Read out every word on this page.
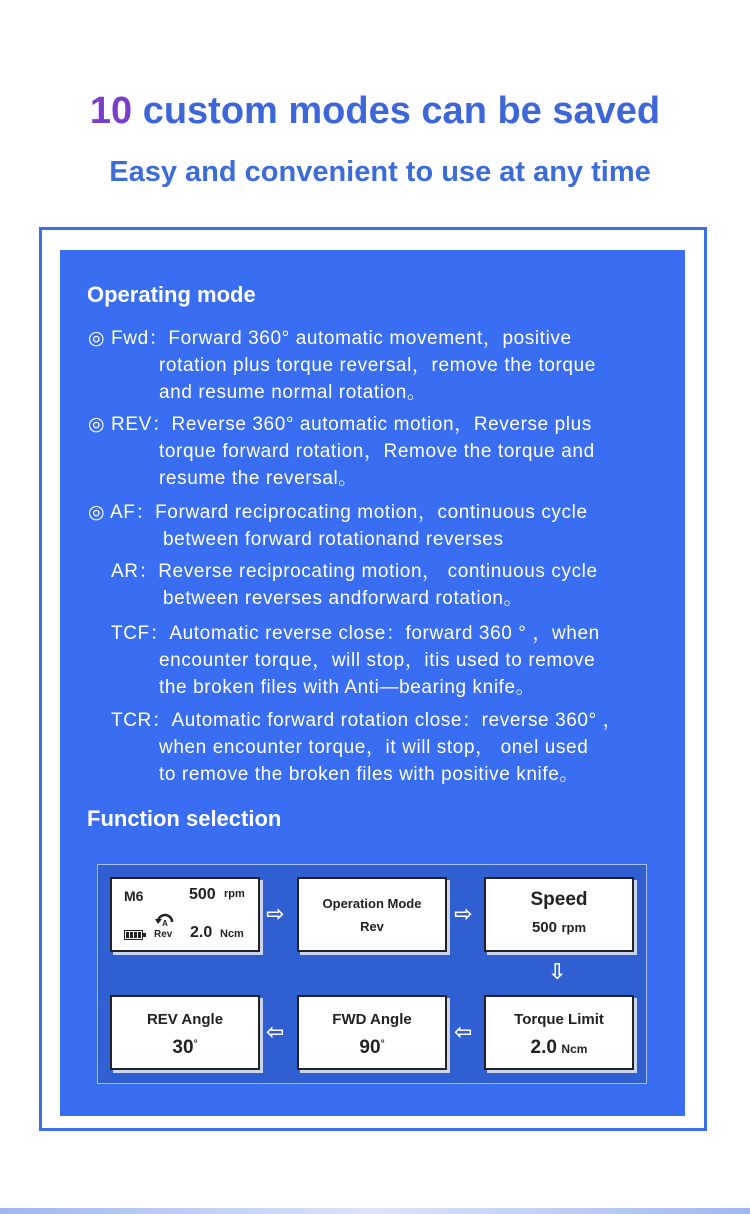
10 custom modes can be saved
Easy and convenient to use at any time
Operating mode
◎ Fwd：Forward 360° automatic movement，positive
rotation plus torque reversal，remove the torque
and resume normal rotation。
◎ REV：Reverse 360° automatic motion，Reverse plus
torque forward rotation，Remove the torque and
resume the reversal。
◎ AF：Forward reciprocating motion，continuous cycle
between forward rotationand reverses
AR：Reverse reciprocating motion， continuous cycle
between reverses andforward rotation。
TCF：Automatic reverse close：forward 360 ° ，when
encounter torque，will stop，itis used to remove
the broken files with Anti—bearing knife。
TCR：Automatic forward rotation close：reverse 360° ，
when encounter torque，it will stop， onel used
to remove the broken files with positive knife。
Function selection
M6	500 rpm
A
Rev 2.0 Ncm
⇨	Operation Mode
Rev
⇨
Speed
500 rpm
⇩
REV Angle
30°
⇦	FWD Angle
90°
⇦	Torque Limit
2.0 Ncm
